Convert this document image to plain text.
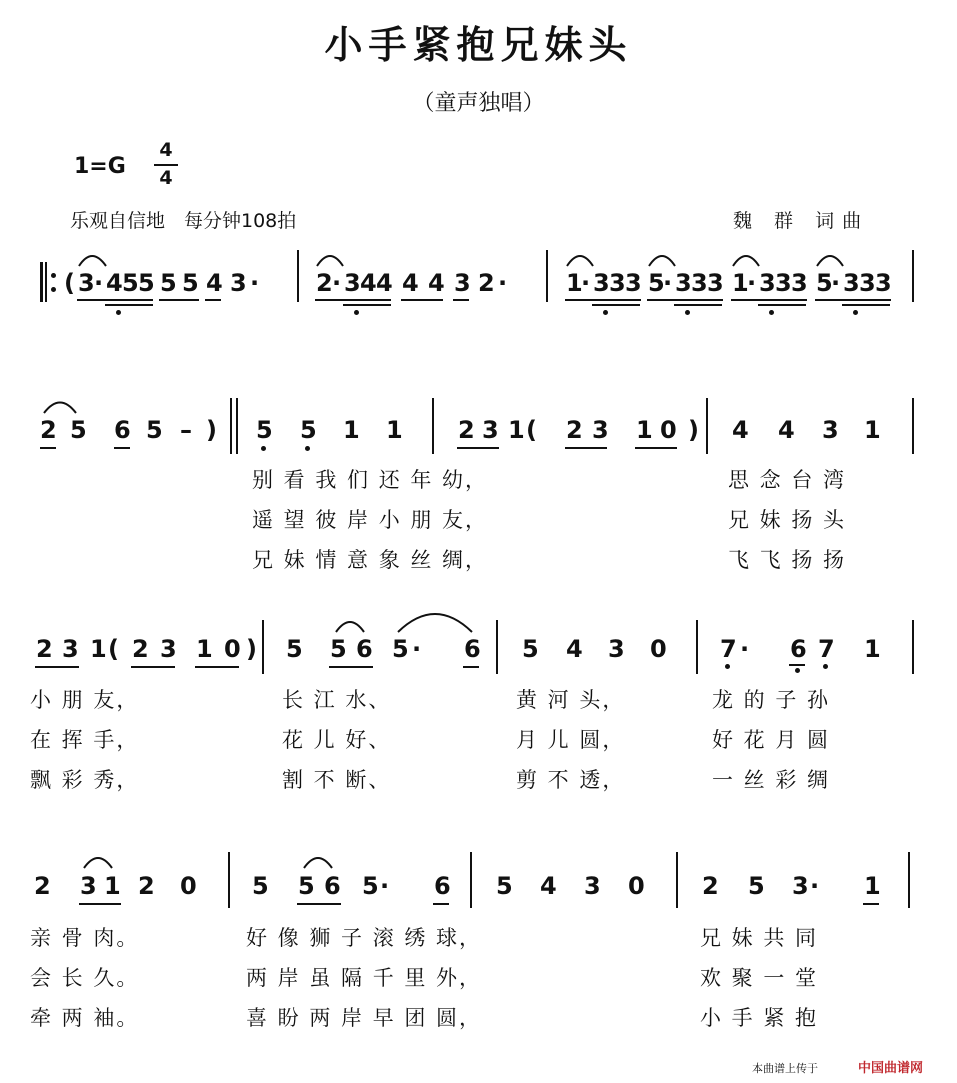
小手紧抱兄妹头
（童声独唱）
1=G
4
4
乐观自信地　每分钟108拍	魏 群 词曲
( 3 · 4 5 5 5 5 4 3 · 2 · 3 4 4 4 4 3 2 · 1
· 3 3 3 5
· 3 3 3 1
· 3 3 3 5
· 3 3 3
2 5 6 5 – ) 5 5 1 1 2 3 1 ( 2 3 1 0 ) 4 4 3 1
别 看 我 们 还 年 幼，	思 念 台 湾
遥 望 彼 岸 小 朋 友，	兄 妹 扬 头
兄 妹 情 意 象 丝 绸，	飞 飞 扬 扬
2 3 1 ( 2 3 1 0 ) 5 5 6 5 · 6 5 4 3 0 7 · 6 7 1
小 朋 友，	长 江 水、	黄 河 头，	龙 的 子 孙
在 挥 手，	花 儿 好、	月 儿 圆，	好 花 月 圆
飘 彩 秀，	割 不 断、	剪 不 透，	一 丝 彩 绸
2 3 1 2 0 5 5 6 5 · 6 5 4 3 0 2 5 3 · 1
亲 骨 肉。	好 像 狮 子 滚 绣 球，	兄 妹 共 同
会 长 久。	两 岸 虽 隔 千 里 外，	欢 聚 一 堂
牵 两 袖。	喜 盼 两 岸 早 团 圆，	小 手 紧 抱
本曲谱上传于	中国曲谱网
